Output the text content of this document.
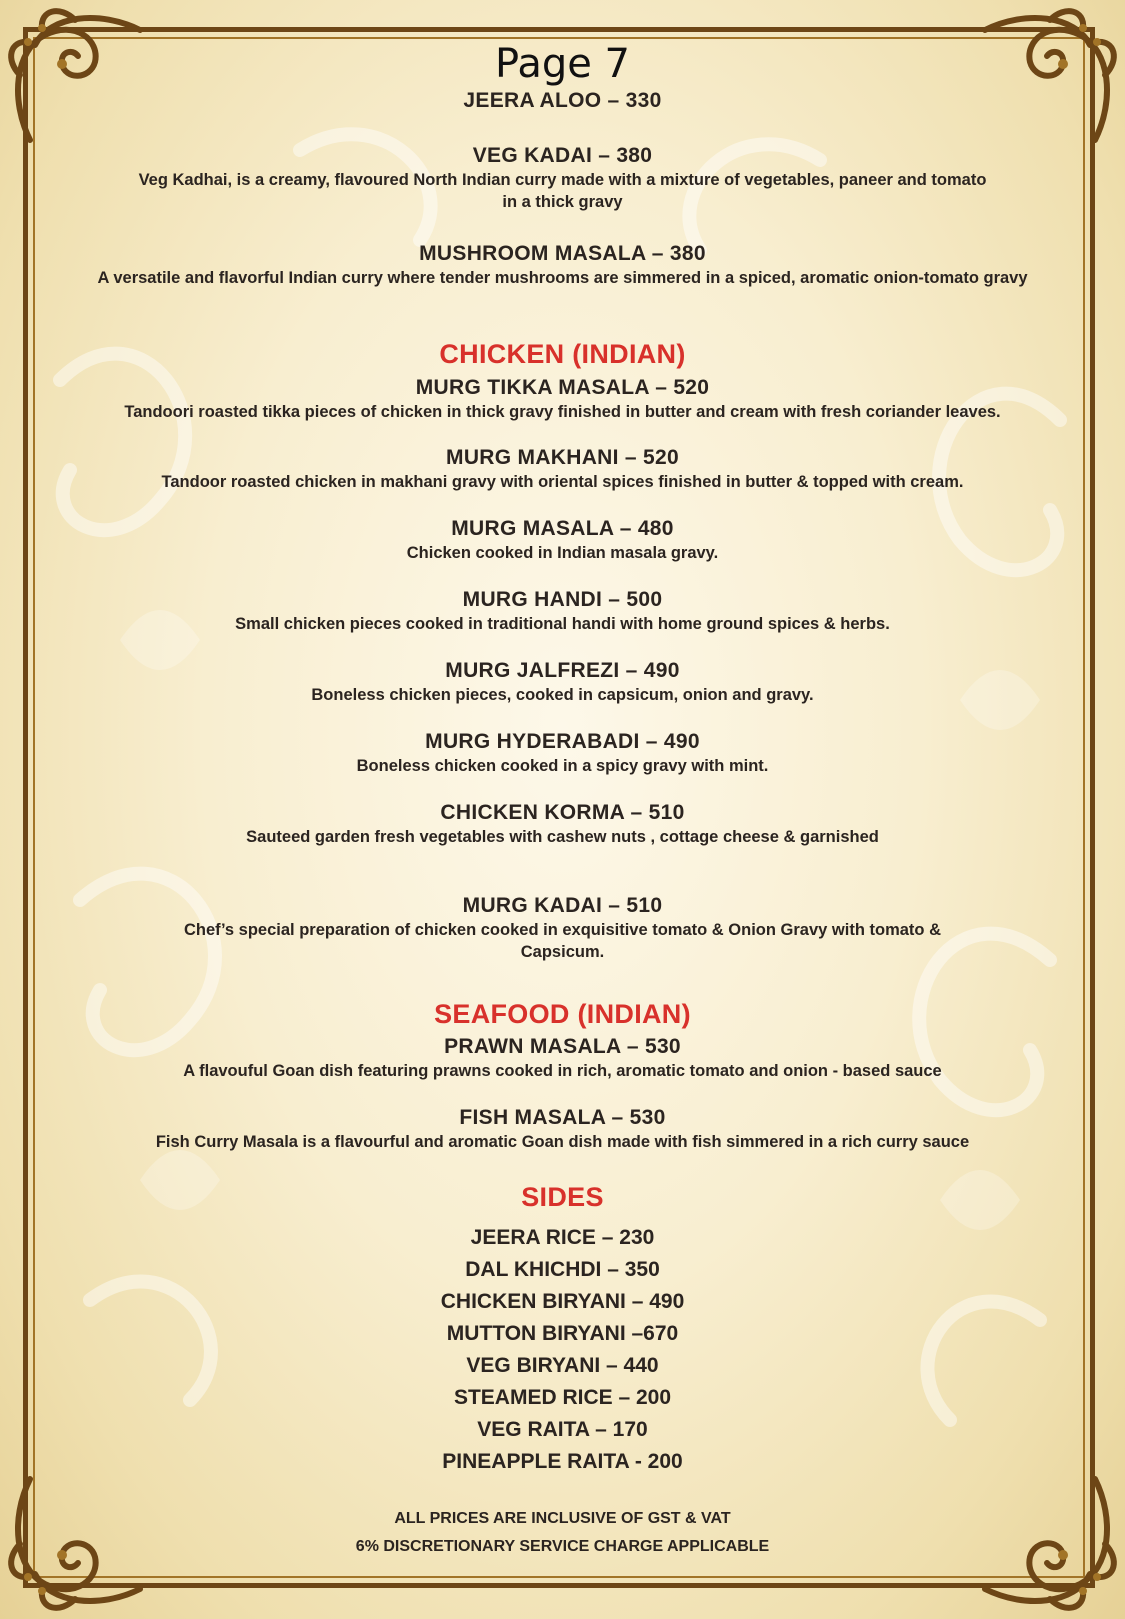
Page 7
JEERA ALOO – 330
VEG KADAI – 380
Veg Kadhai, is a creamy, flavoured North Indian curry made with a mixture of vegetables, paneer and tomato in a thick gravy
MUSHROOM MASALA – 380
A versatile and flavorful Indian curry where tender mushrooms are simmered in a spiced, aromatic onion-tomato gravy
CHICKEN (INDIAN)
MURG TIKKA MASALA – 520
Tandoori roasted tikka pieces of chicken in thick gravy finished in butter and cream with fresh coriander leaves.
MURG MAKHANI – 520
Tandoor roasted chicken in makhani gravy with oriental spices finished in butter & topped with cream.
MURG MASALA – 480
Chicken cooked in Indian masala gravy.
MURG HANDI – 500
Small chicken pieces cooked in traditional handi with home ground spices & herbs.
MURG JALFREZI – 490
Boneless chicken pieces, cooked in capsicum, onion and gravy.
MURG HYDERABADI – 490
Boneless chicken cooked in a spicy gravy with mint.
CHICKEN KORMA – 510
Sauteed garden fresh vegetables with cashew nuts , cottage cheese & garnished
MURG KADAI – 510
Chef’s special preparation of chicken cooked in exquisitive tomato & Onion Gravy with tomato & Capsicum.
SEAFOOD (INDIAN)
PRAWN MASALA – 530
A flavouful Goan dish featuring prawns cooked in rich, aromatic tomato and onion - based sauce
FISH MASALA – 530
Fish Curry Masala is a flavourful and aromatic Goan dish made with fish simmered in a rich curry sauce
SIDES
JEERA RICE – 230
DAL KHICHDI – 350
CHICKEN BIRYANI – 490
MUTTON BIRYANI –670
VEG BIRYANI – 440
STEAMED RICE – 200
VEG RAITA – 170
PINEAPPLE RAITA - 200
ALL PRICES ARE INCLUSIVE OF GST & VAT
6% DISCRETIONARY SERVICE CHARGE APPLICABLE
